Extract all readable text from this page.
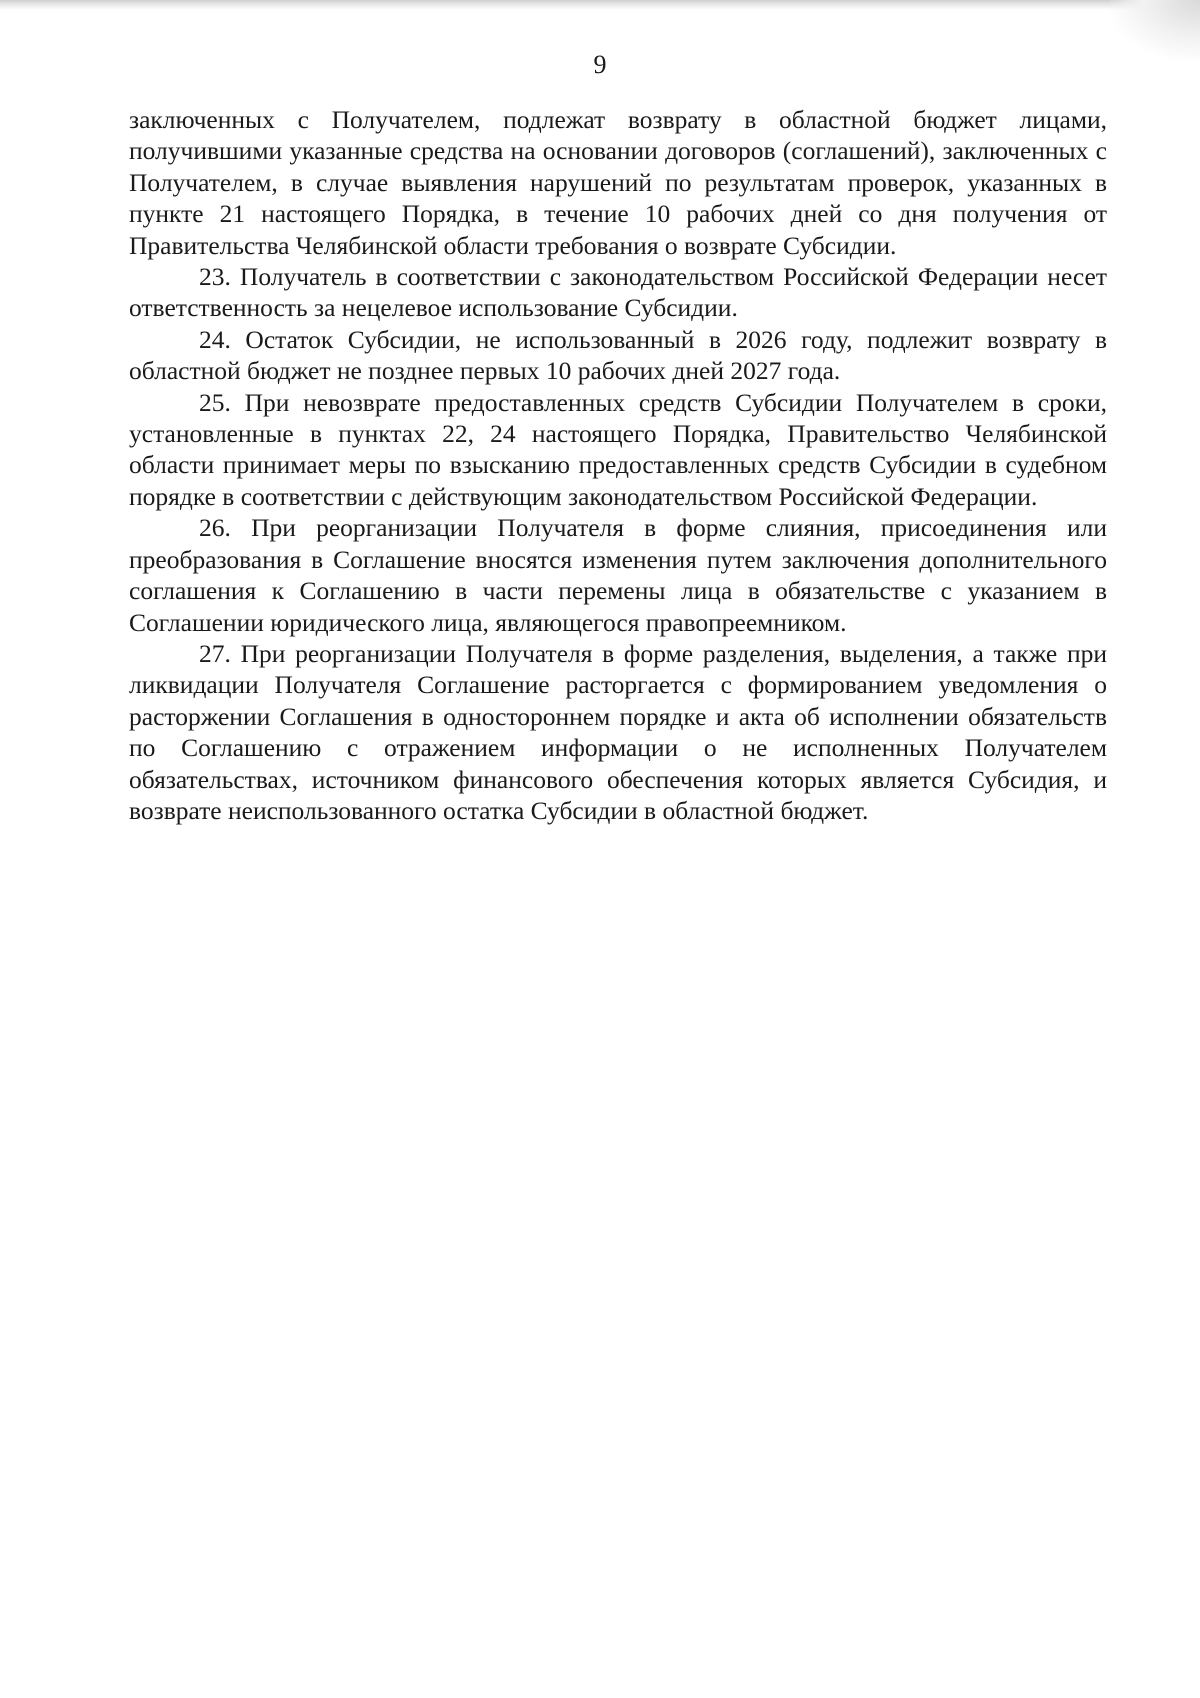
9

заключенных с Получателем, подлежат возврату в областной бюджет лицами, получившими указанные средства на основании договоров (соглашений), заключенных с Получателем, в случае выявления нарушений по результатам проверок, указанных в пункте 21 настоящего Порядка, в течение 10 рабочих дней со дня получения от Правительства Челябинской области требования о возврате Субсидии.

23. Получатель в соответствии с законодательством Российской Федерации несет ответственность за нецелевое использование Субсидии.

24. Остаток Субсидии, не использованный в 2026 году, подлежит возврату в областной бюджет не позднее первых 10 рабочих дней 2027 года.

25. При невозврате предоставленных средств Субсидии Получателем в сроки, установленные в пунктах 22, 24 настоящего Порядка, Правительство Челябинской области принимает меры по взысканию предоставленных средств Субсидии в судебном порядке в соответствии с действующим законодательством Российской Федерации.

26. При реорганизации Получателя в форме слияния, присоединения или преобразования в Соглашение вносятся изменения путем заключения дополнительного соглашения к Соглашению в части перемены лица в обязательстве с указанием в Соглашении юридического лица, являющегося правопреемником.

27. При реорганизации Получателя в форме разделения, выделения, а также при ликвидации Получателя Соглашение расторгается с формированием уведомления о расторжении Соглашения в одностороннем порядке и акта об исполнении обязательств по Соглашению с отражением информации о не исполненных Получателем обязательствах, источником финансового обеспечения которых является Субсидия, и возврате неиспользованного остатка Субсидии в областной бюджет.
